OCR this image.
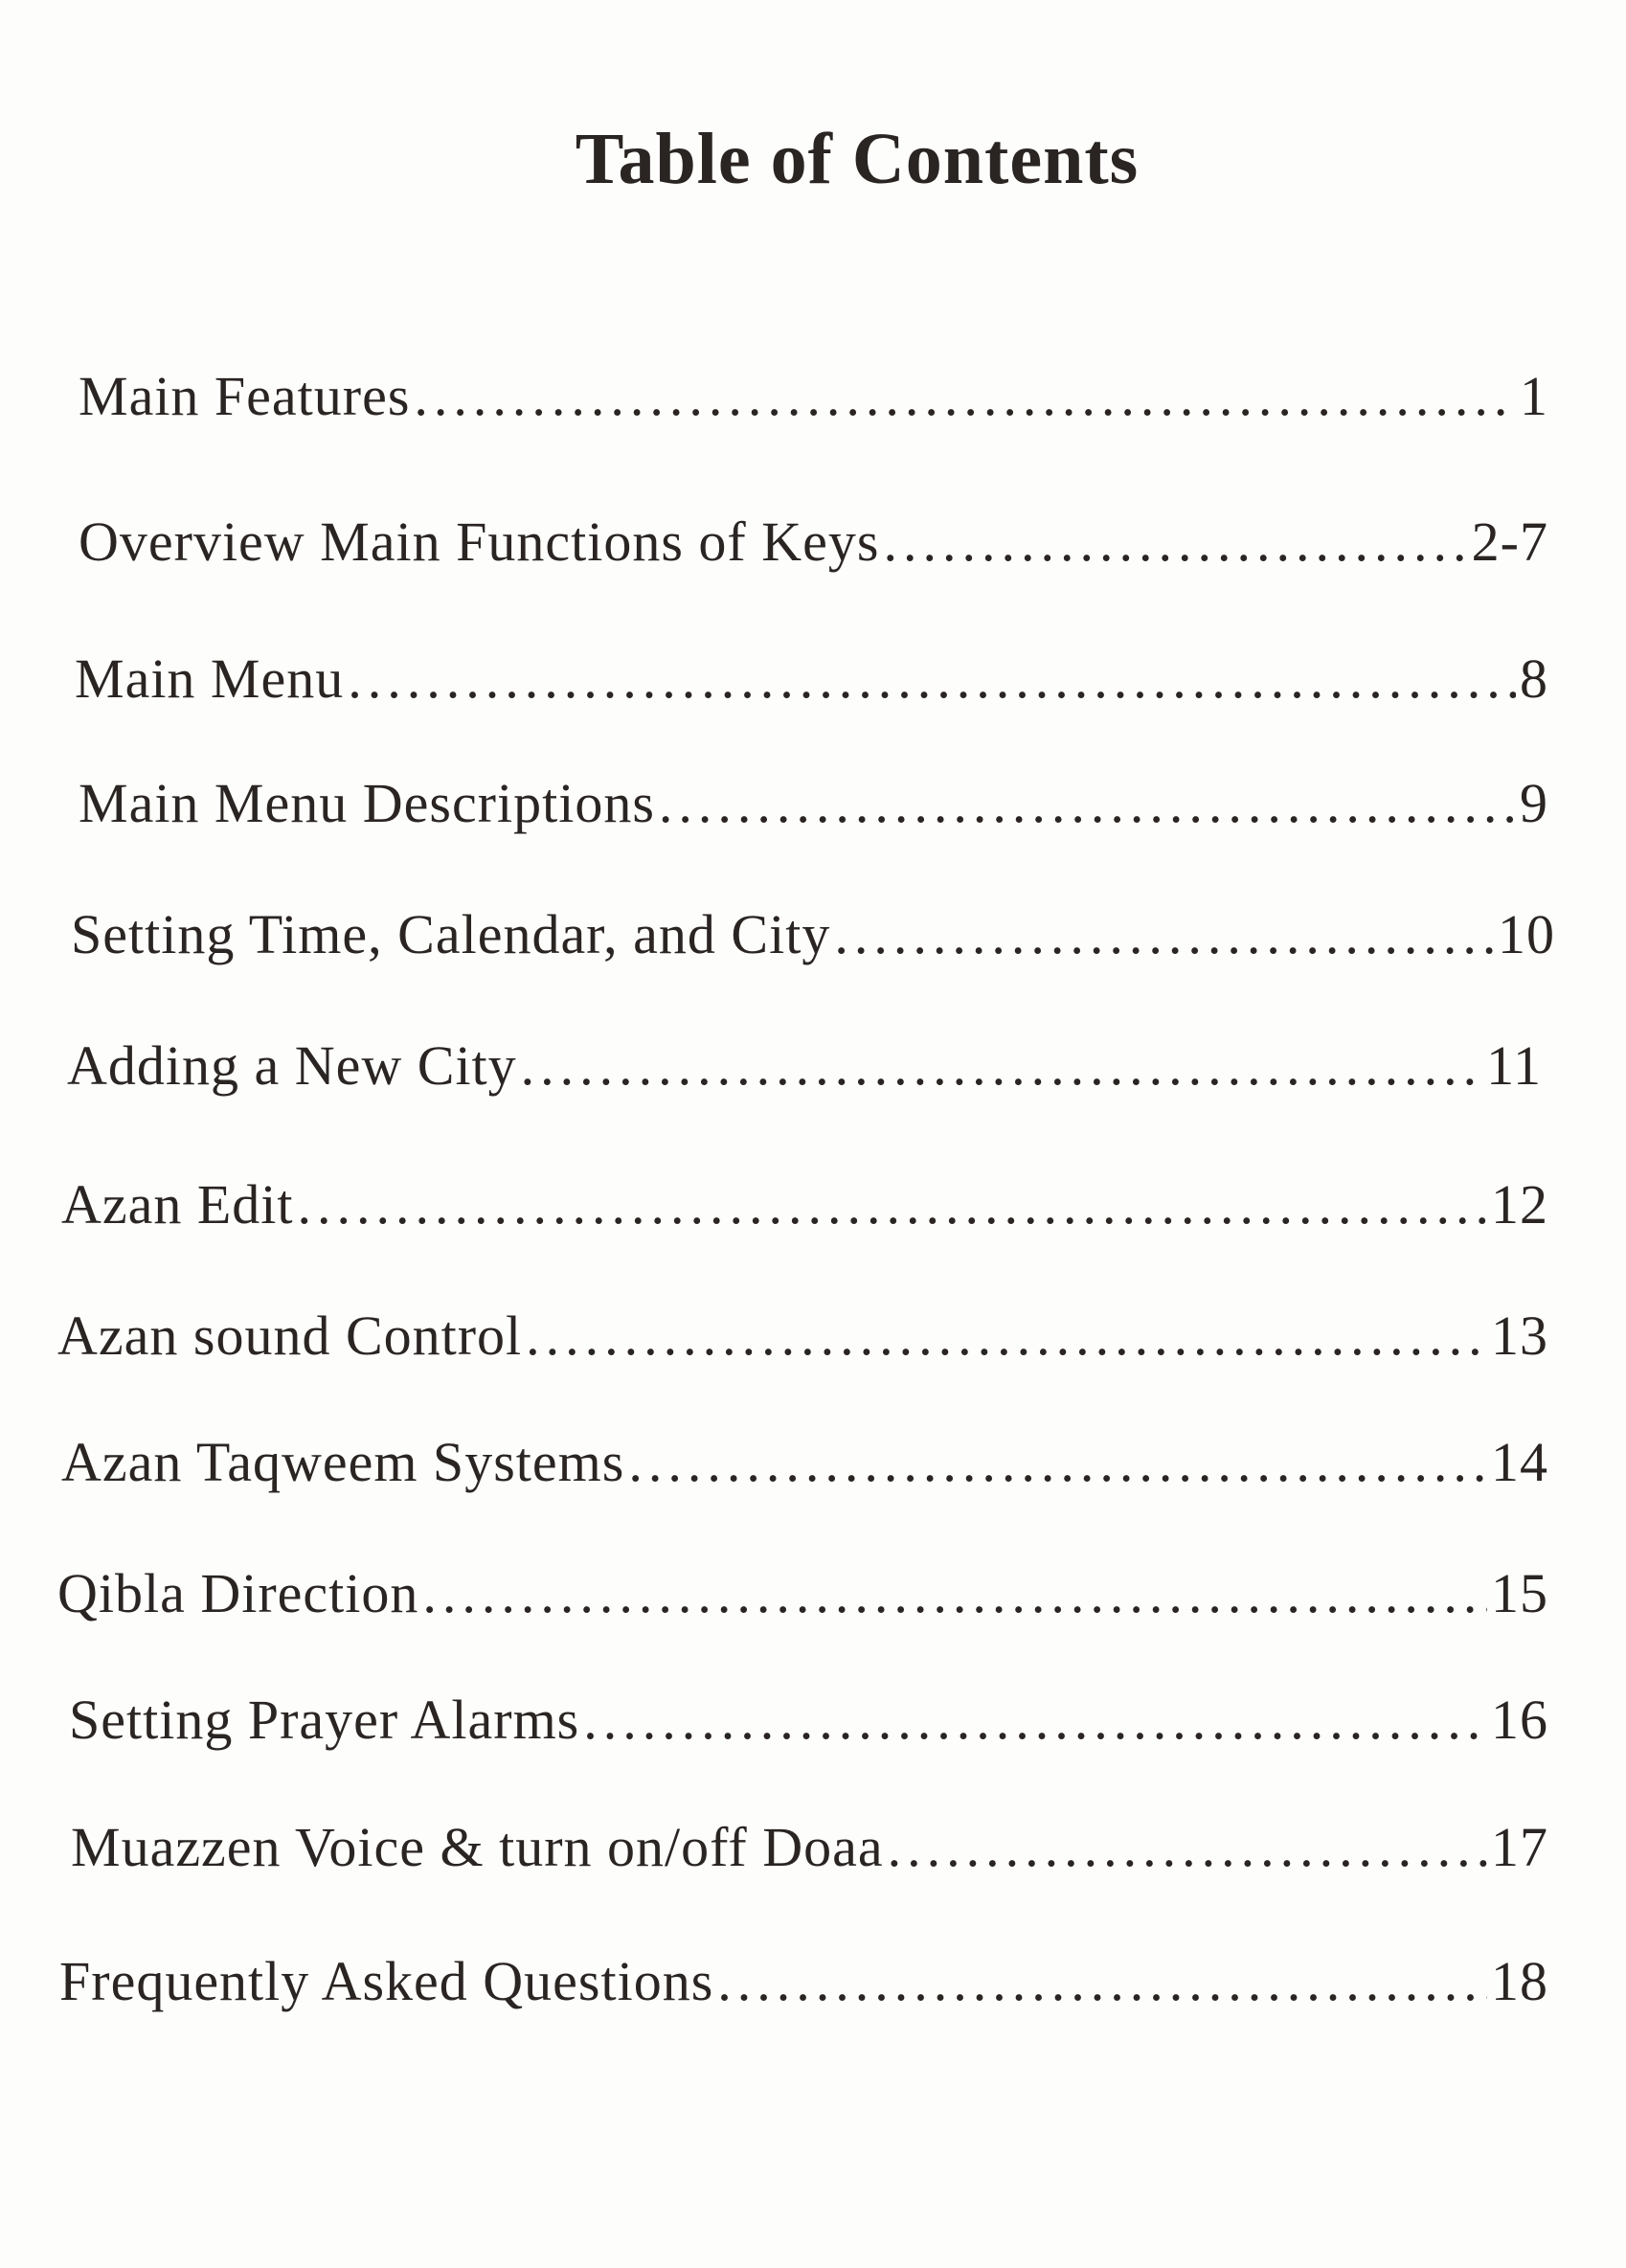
Table of Contents
Main Features .....	1
Overview Main Functions of Keys .....	2-7
Main Menu .....	8
Main Menu Descriptions .....	9
Setting Time, Calendar, and City .....	10
Adding a New City .....	11
Azan Edit .....	12
Azan sound Control .....	13
Azan Taqweem Systems .....	14
Qibla Direction .....	15
Setting Prayer Alarms .....	16
Muazzen Voice & turn on/off Doaa .....	17
Frequently Asked Questions .....	18
